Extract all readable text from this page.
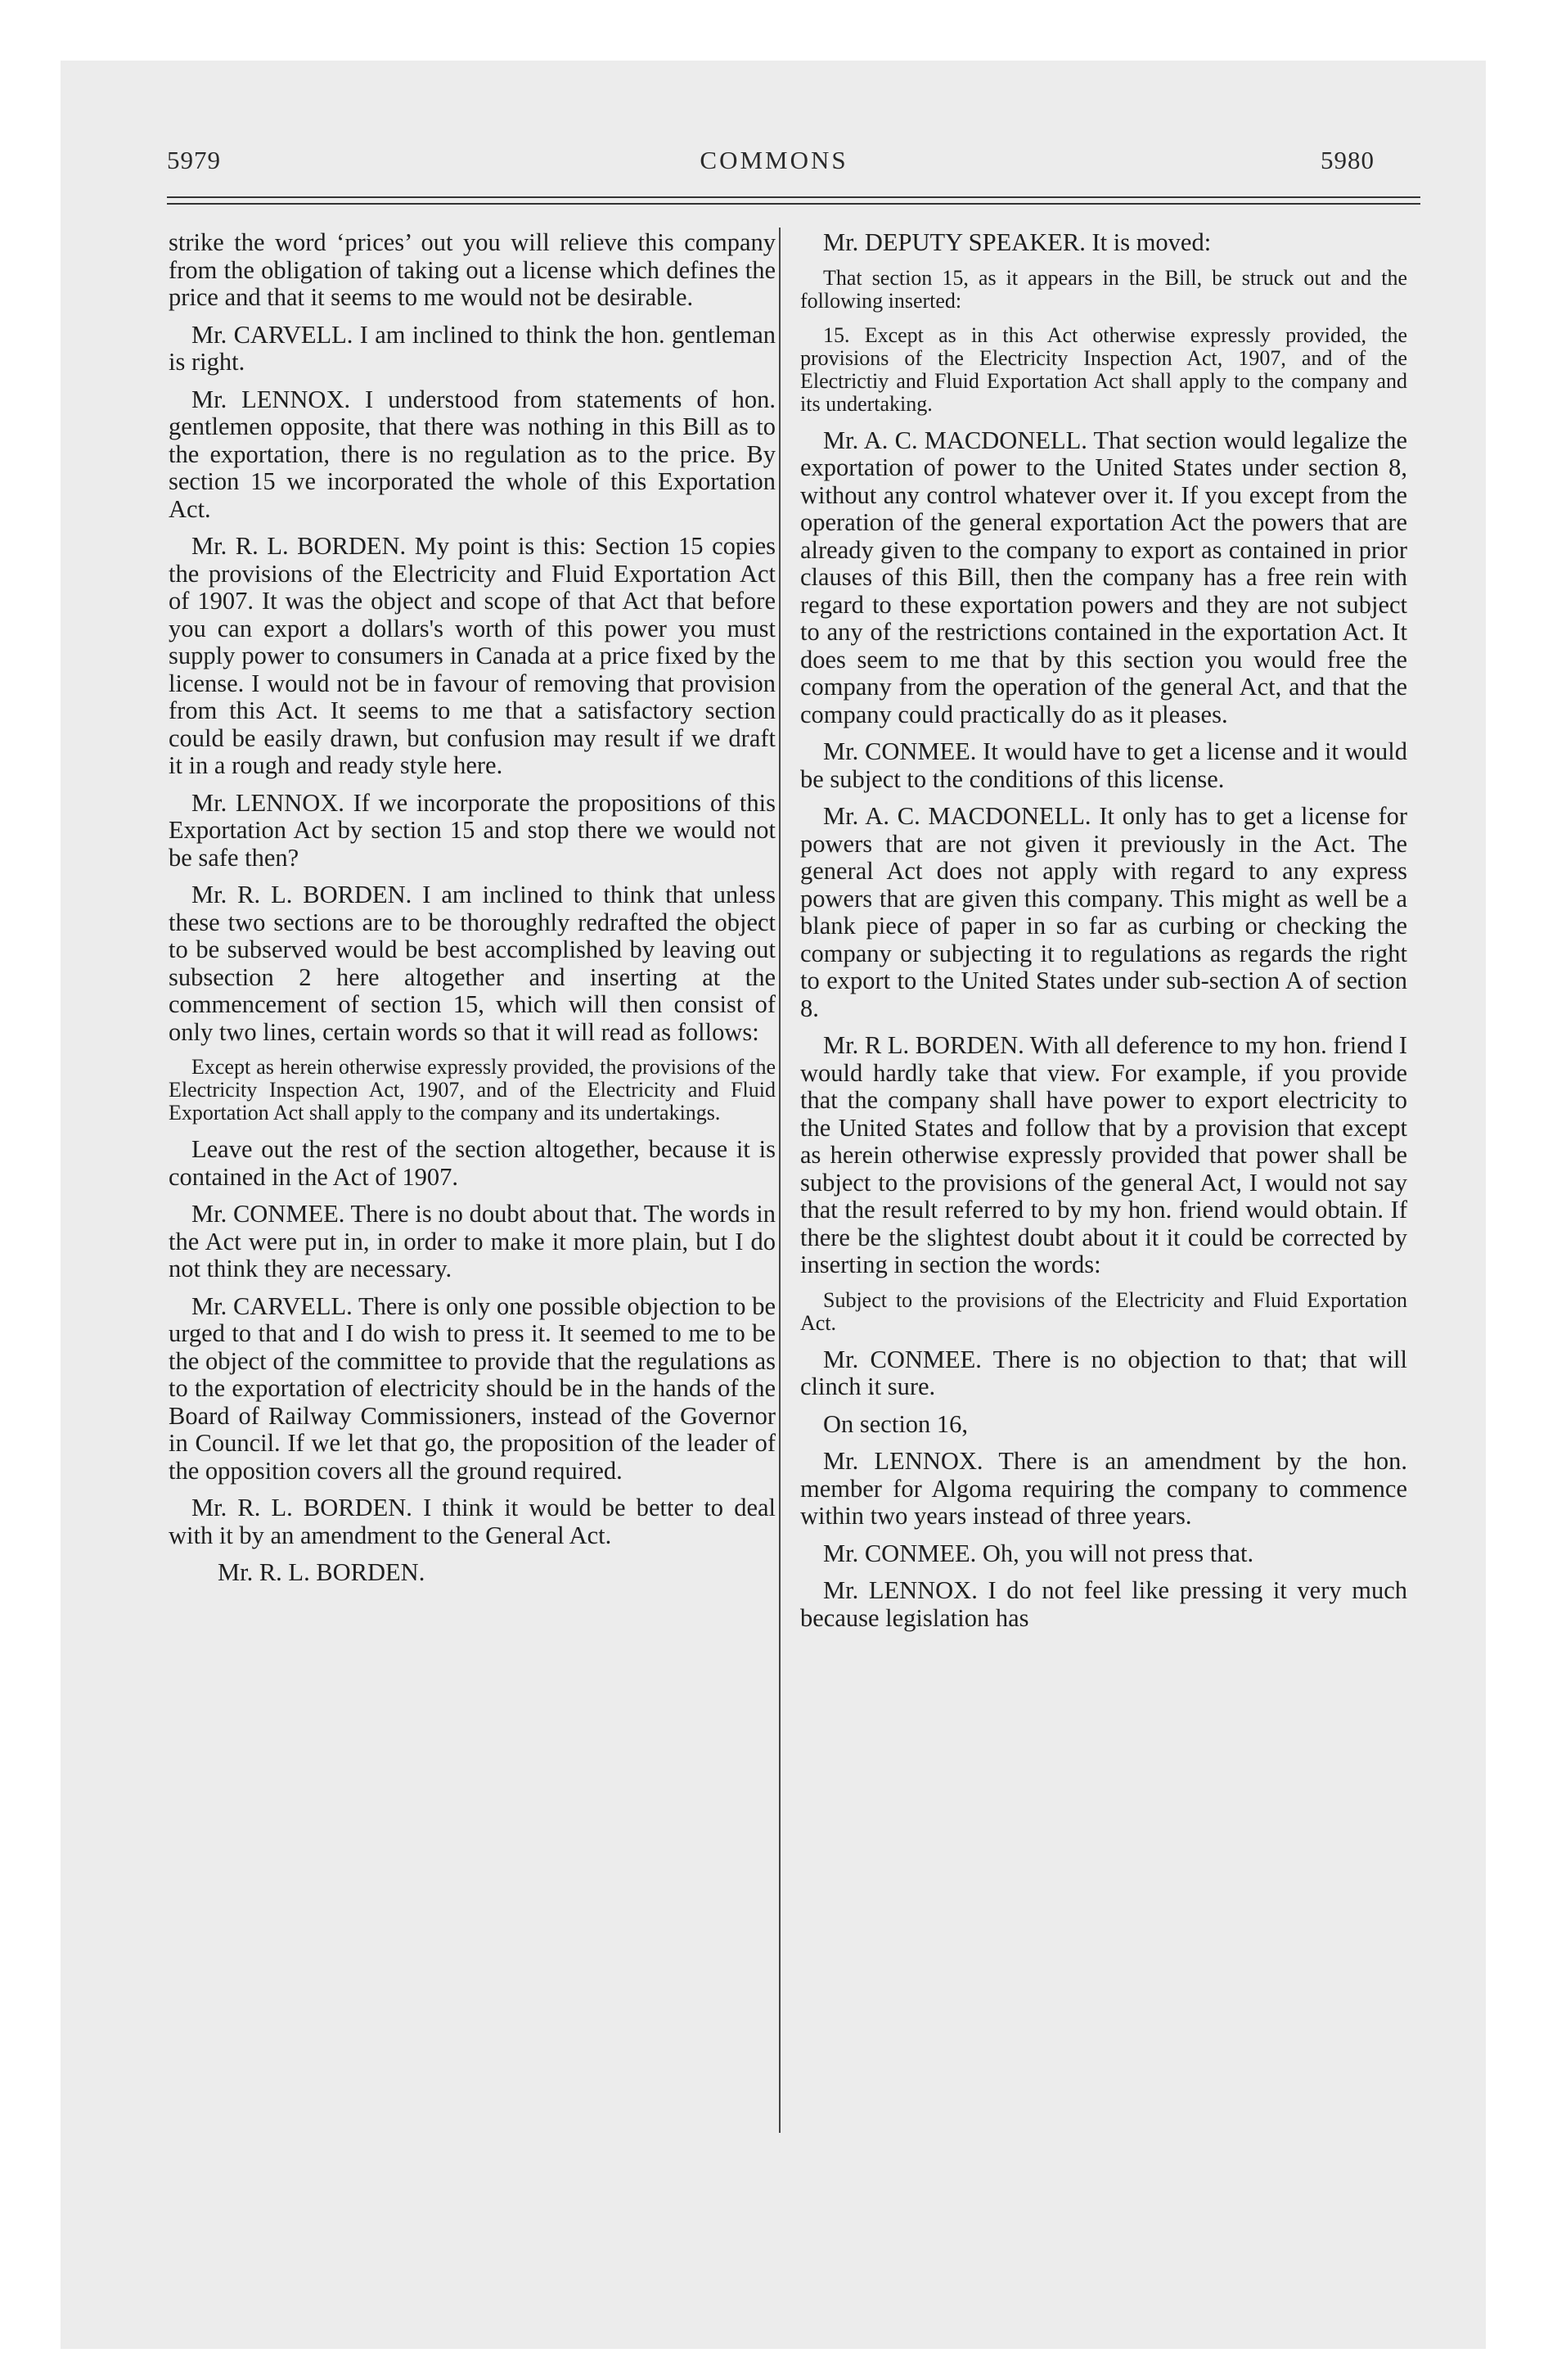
5979	COMMONS	5980

strike the word ‘prices’ out you will relieve this company from the obligation of taking out a license which defines the price and that it seems to me would not be desirable.

Mr. CARVELL. I am inclined to think the hon. gentleman is right.

Mr. LENNOX. I understood from statements of hon. gentlemen opposite, that there was nothing in this Bill as to the exportation, there is no regulation as to the price. By section 15 we incorporated the whole of this Exportation Act.

Mr. R. L. BORDEN. My point is this: Section 15 copies the provisions of the Electricity and Fluid Exportation Act of 1907. It was the object and scope of that Act that before you can export a dollars's worth of this power you must supply power to consumers in Canada at a price fixed by the license. I would not be in favour of removing that provision from this Act. It seems to me that a satisfactory section could be easily drawn, but confusion may result if we draft it in a rough and ready style here.

Mr. LENNOX. If we incorporate the propositions of this Exportation Act by section 15 and stop there we would not be safe then?

Mr. R. L. BORDEN. I am inclined to think that unless these two sections are to be thoroughly redrafted the object to be subserved would be best accomplished by leaving out subsection 2 here altogether and inserting at the commencement of section 15, which will then consist of only two lines, certain words so that it will read as follows:

Except as herein otherwise expressly provided, the provisions of the Electricity Inspection Act, 1907, and of the Electricity and Fluid Exportation Act shall apply to the company and its undertakings.

Leave out the rest of the section altogether, because it is contained in the Act of 1907.

Mr. CONMEE. There is no doubt about that. The words in the Act were put in, in order to make it more plain, but I do not think they are necessary.

Mr. CARVELL. There is only one possible objection to be urged to that and I do wish to press it. It seemed to me to be the object of the committee to provide that the regulations as to the exportation of electricity should be in the hands of the Board of Railway Commissioners, instead of the Governor in Council. If we let that go, the proposition of the leader of the opposition covers all the ground required.

Mr. R. L. BORDEN. I think it would be better to deal with it by an amendment to the General Act.

Mr. R. L. BORDEN.

Mr. DEPUTY SPEAKER. It is moved:

That section 15, as it appears in the Bill, be struck out and the following inserted:

15. Except as in this Act otherwise expressly provided, the provisions of the Electricity Inspection Act, 1907, and of the Electrictiy and Fluid Exportation Act shall apply to the company and its undertaking.

Mr. A. C. MACDONELL. That section would legalize the exportation of power to the United States under section 8, without any control whatever over it. If you except from the operation of the general exportation Act the powers that are already given to the company to export as contained in prior clauses of this Bill, then the company has a free rein with regard to these exportation powers and they are not subject to any of the restrictions contained in the exportation Act. It does seem to me that by this section you would free the company from the operation of the general Act, and that the company could practically do as it pleases.

Mr. CONMEE. It would have to get a license and it would be subject to the conditions of this license.

Mr. A. C. MACDONELL. It only has to get a license for powers that are not given it previously in the Act. The general Act does not apply with regard to any express powers that are given this company. This might as well be a blank piece of paper in so far as curbing or checking the company or subjecting it to regulations as regards the right to export to the United States under sub-section A of section 8.

Mr. R L. BORDEN. With all deference to my hon. friend I would hardly take that view. For example, if you provide that the company shall have power to export electricity to the United States and follow that by a provision that except as herein otherwise expressly provided that power shall be subject to the provisions of the general Act, I would not say that the result referred to by my hon. friend would obtain. If there be the slightest doubt about it it could be corrected by inserting in section the words:

Subject to the provisions of the Electricity and Fluid Exportation Act.

Mr. CONMEE. There is no objection to that; that will clinch it sure.

On section 16,

Mr. LENNOX. There is an amendment by the hon. member for Algoma requiring the company to commence within two years instead of three years.

Mr. CONMEE. Oh, you will not press that.

Mr. LENNOX. I do not feel like pressing it very much because legislation has
